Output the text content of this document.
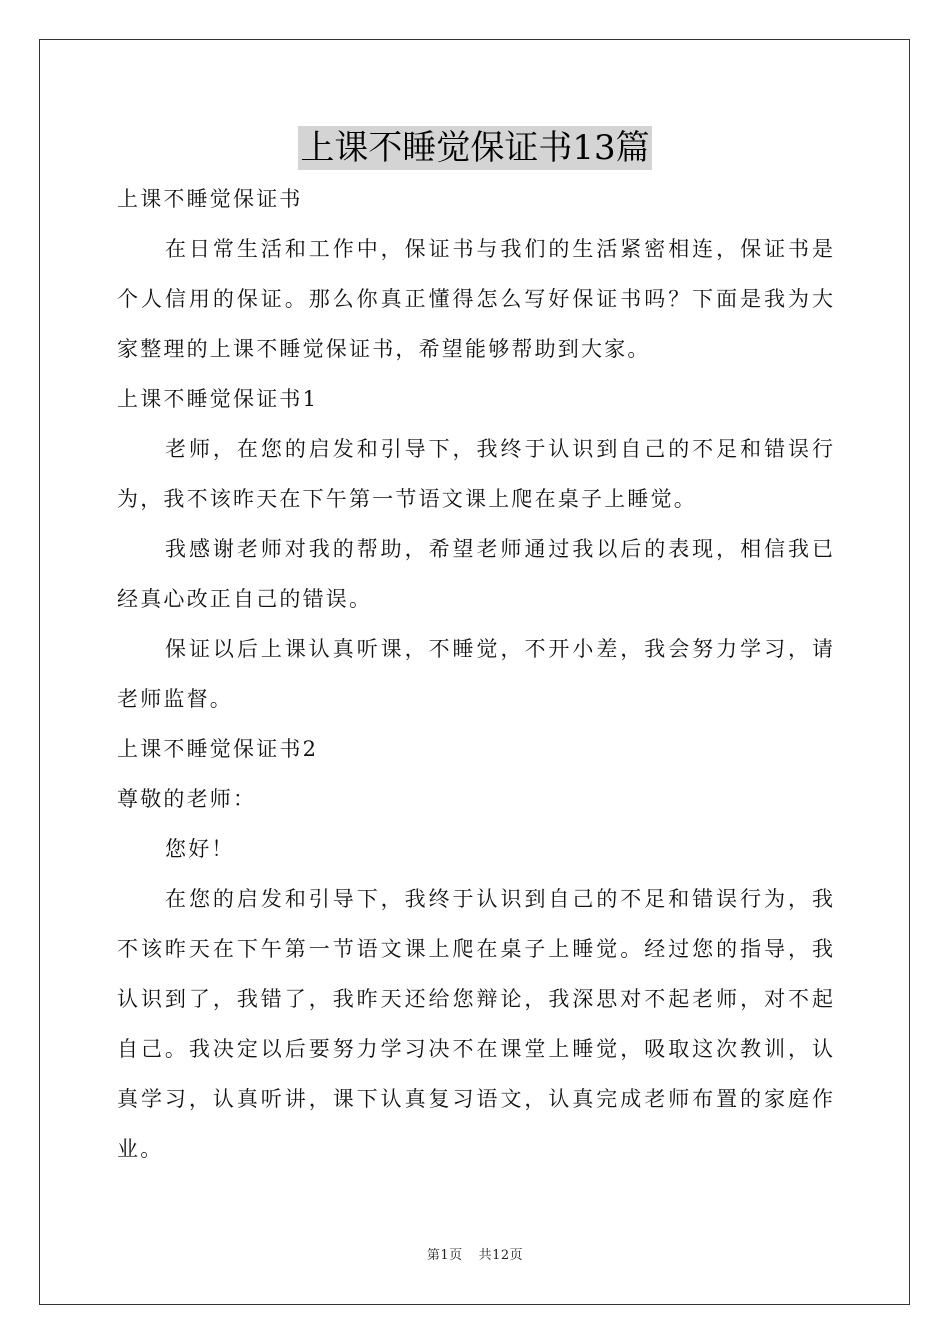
上课不睡觉保证书13篇
上课不睡觉保证书
在日常生活和工作中，保证书与我们的生活紧密相连，保证书是
个人信用的保证。那么你真正懂得怎么写好保证书吗？下面是我为大
家整理的上课不睡觉保证书，希望能够帮助到大家。
上课不睡觉保证书1
老师，在您的启发和引导下，我终于认识到自己的不足和错误行
为，我不该昨天在下午第一节语文课上爬在桌子上睡觉。
我感谢老师对我的帮助，希望老师通过我以后的表现，相信我已
经真心改正自己的错误。
保证以后上课认真听课，不睡觉，不开小差，我会努力学习，请
老师监督。
上课不睡觉保证书2
尊敬的老师：
您好！
在您的启发和引导下，我终于认识到自己的不足和错误行为，我
不该昨天在下午第一节语文课上爬在桌子上睡觉。经过您的指导，我
认识到了，我错了，我昨天还给您辩论，我深思对不起老师，对不起
自己。我决定以后要努力学习决不在课堂上睡觉，吸取这次教训，认
真学习，认真听讲，课下认真复习语文，认真完成老师布置的家庭作
业。
第1页 共12页
